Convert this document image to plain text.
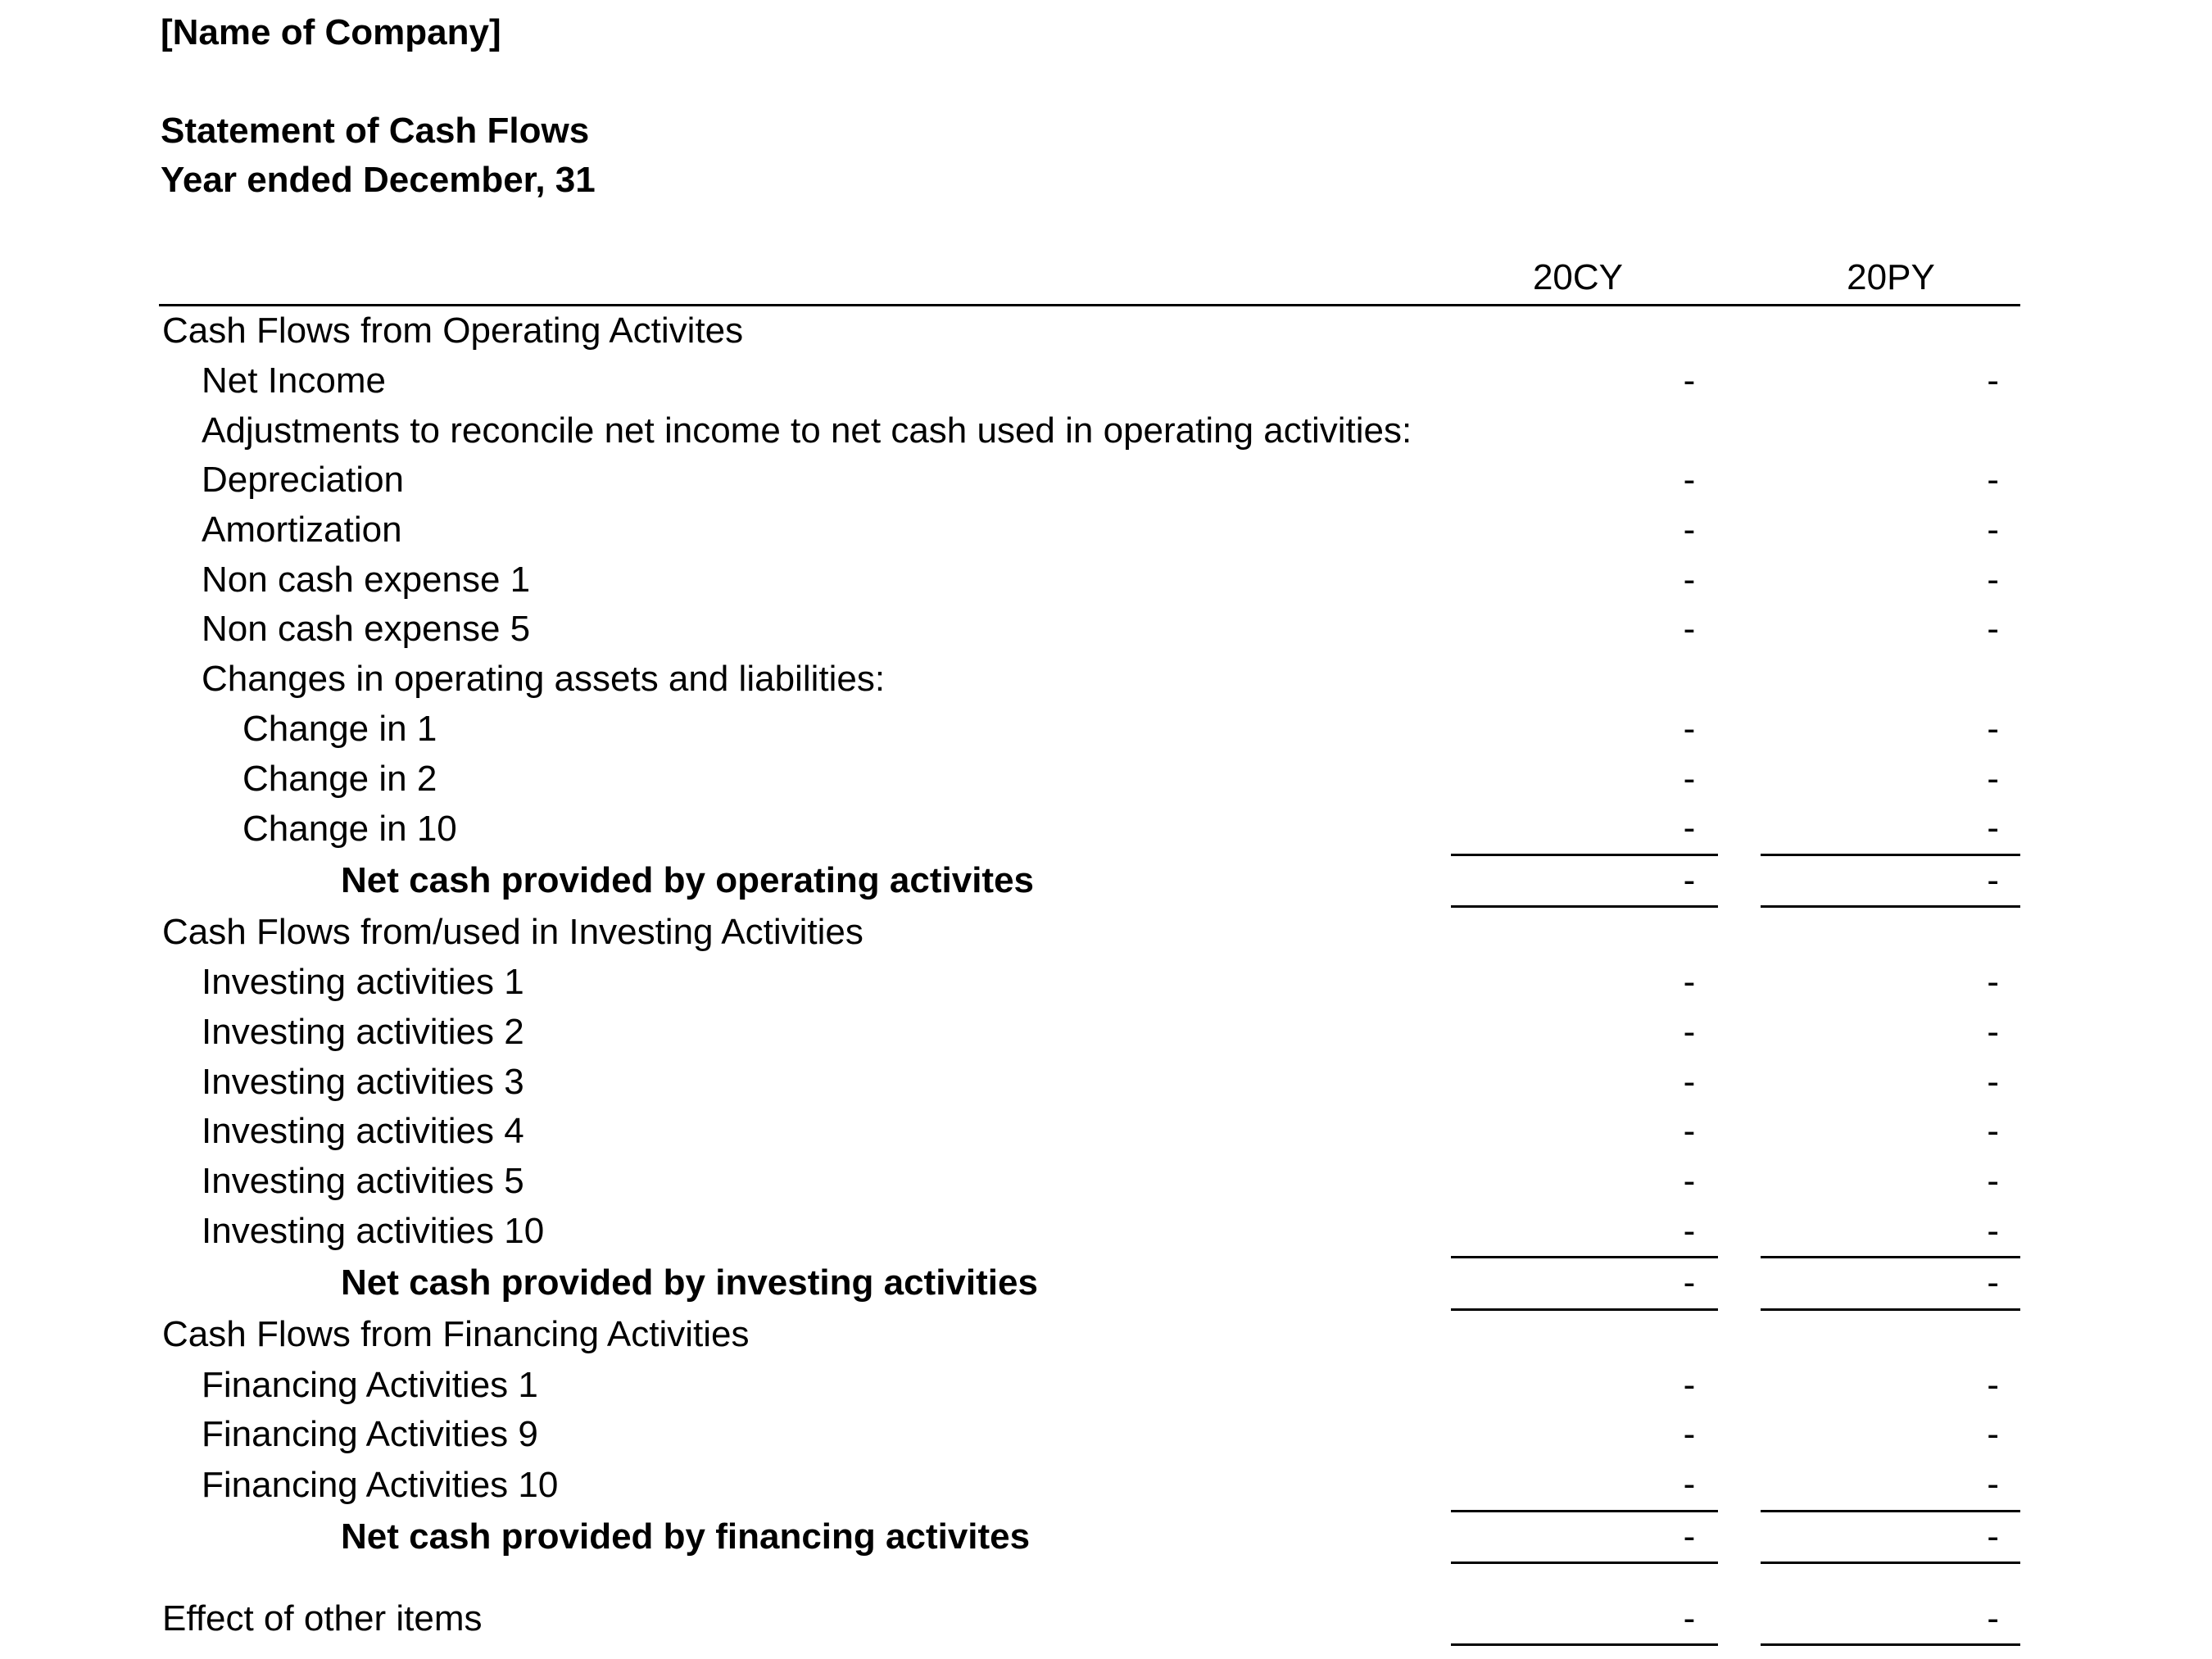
[Name of Company]
Statement of Cash Flows
Year ended December, 31
20CY	20PY
Cash Flows from Operating Activites			
Net Income	-		-
Adjustments to reconcile net income to net cash used in operating activities:			
Depreciation	-		-
Amortization	-		-
Non cash expense 1	-		-
Non cash expense 5	-		-
Changes in operating assets and liabilities:			
Change in 1	-		-
Change in 2	-		-
Change in 10	-		-
Net cash provided by operating activites	-		-
Cash Flows from/used in Investing Activities			
Investing activities 1	-		-
Investing activities 2	-		-
Investing activities 3	-		-
Investing activities 4	-		-
Investing activities 5	-		-
Investing activities 10	-		-
Net cash provided by investing activities	-		-
Cash Flows from Financing Activities			
Financing Activities 1	-		-
Financing Activities 9	-		-
Financing Activities 10	-		-
Net cash provided by financing activites	-		-

Effect of other items	-		-
